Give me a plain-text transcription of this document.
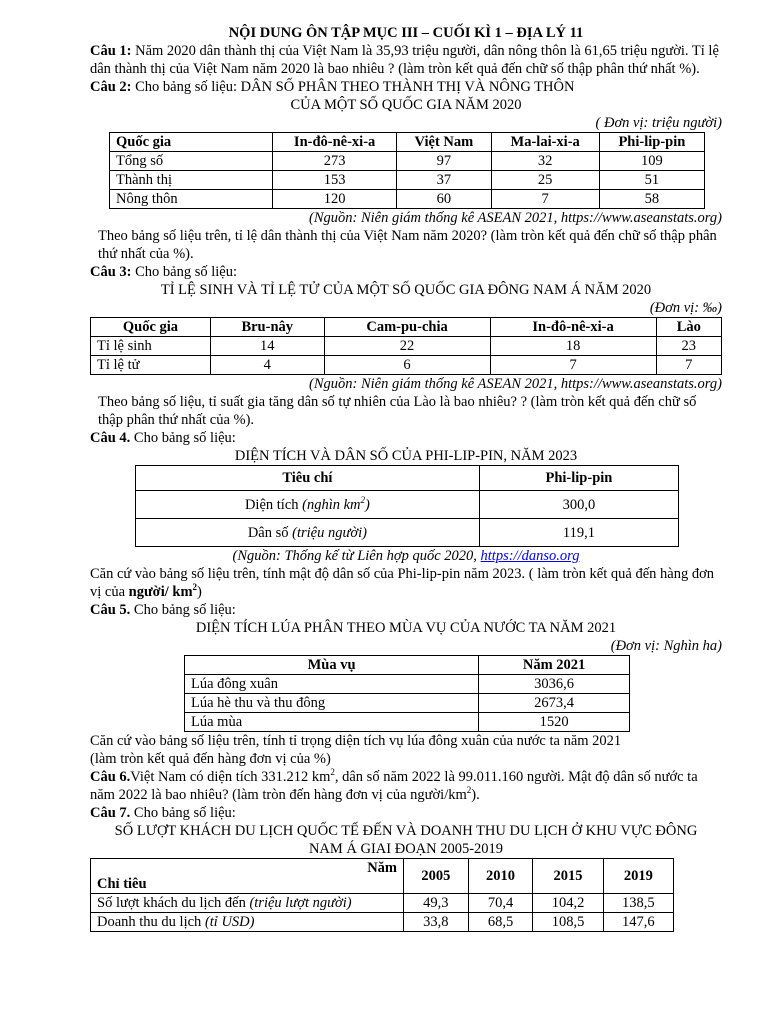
NỘI DUNG ÔN TẬP MỤC III – CUỐI KÌ 1 – ĐỊA LÝ 11

Câu 1: Năm 2020 dân thành thị của Việt Nam là 35,93 triệu người, dân nông thôn là 61,65 triệu người. Tỉ lệ dân thành thị của Việt Nam năm 2020 là bao nhiêu ? (làm tròn kết quả đến chữ số thập phân thứ nhất %).

Câu 2: Cho bảng số liệu: DÂN SỐ PHÂN THEO THÀNH THỊ VÀ NÔNG THÔN

CỦA MỘT SỐ QUỐC GIA NĂM 2020

( Đơn vị: triệu người)

Quốc gia	In-đô-nê-xi-a	Việt Nam	Ma-lai-xi-a	Phi-lip-pin
Tổng số	273	97	32	109
Thành thị	153	37	25	51
Nông thôn	120	60	7	58

(Nguồn: Niên giám thống kê ASEAN 2021, https://www.aseanstats.org)

Theo bảng số liệu trên, tỉ lệ dân thành thị của Việt Nam năm 2020? (làm tròn kết quả đến chữ số thập phân thứ nhất của %).

Câu 3: Cho bảng số liệu:

TỈ LỆ SINH VÀ TỈ LỆ TỬ CỦA MỘT SỐ QUỐC GIA ĐÔNG NAM Á NĂM 2020

(Đơn vị: ‰)

Quốc gia	Bru-nây	Cam-pu-chia	In-đô-nê-xi-a	Lào
Tỉ lệ sinh	14	22	18	23
Tỉ lệ tử	4	6	7	7

(Nguồn: Niên giám thống kê ASEAN 2021, https://www.aseanstats.org)

Theo bảng số liệu, tỉ suất gia tăng dân số tự nhiên của Lào là bao nhiêu? ? (làm tròn kết quả đến chữ số thập phân thứ nhất của %).

Câu 4. Cho bảng số liệu:

DIỆN TÍCH VÀ DÂN SỐ CỦA PHI-LIP-PIN, NĂM 2023

Tiêu chí	Phi-lip-pin
Diện tích (nghìn $km^2$)	300,0
Dân số (triệu người)	119,1

(Nguồn: Thống kế từ Liên hợp quốc 2020, https://danso.org

Căn cứ vào bảng số liệu trên, tính mật độ dân số của Phi-lip-pin năm 2023. ( làm tròn kết quả đến hàng đơn vị của người/ $km^2$)

Câu 5. Cho bảng số liệu:

DIỆN TÍCH LÚA PHÂN THEO MÙA VỤ CỦA NƯỚC TA NĂM 2021

(Đơn vị: Nghìn ha)

Mùa vụ	Năm 2021
Lúa đông xuân	3036,6
Lúa hè thu và thu đông	2673,4
Lúa mùa	1520

Căn cứ vào bảng số liệu trên, tính tỉ trọng diện tích vụ lúa đông xuân của nước ta năm 2021

(làm tròn kết quả đến hàng đơn vị của %)

Câu 6.Việt Nam có diện tích 331.212 $km^2$, dân số năm 2022 là 99.011.160 người. Mật độ dân số nước ta năm 2022 là bao nhiêu? (làm tròn đến hàng đơn vị của người/$km^2$).

Câu 7. Cho bảng số liệu:

SỐ LƯỢT KHÁCH DU LỊCH QUỐC TẾ ĐẾN VÀ DOANH THU DU LỊCH Ở KHU VỰC ĐÔNG

NAM Á GIAI ĐOẠN 2005-2019

Năm
Chỉ tiêu	2005	2010	2015	2019
Số lượt khách du lịch đến (triệu lượt người)	49,3	70,4	104,2	138,5
Doanh thu du lịch (tỉ USD)	33,8	68,5	108,5	147,6
